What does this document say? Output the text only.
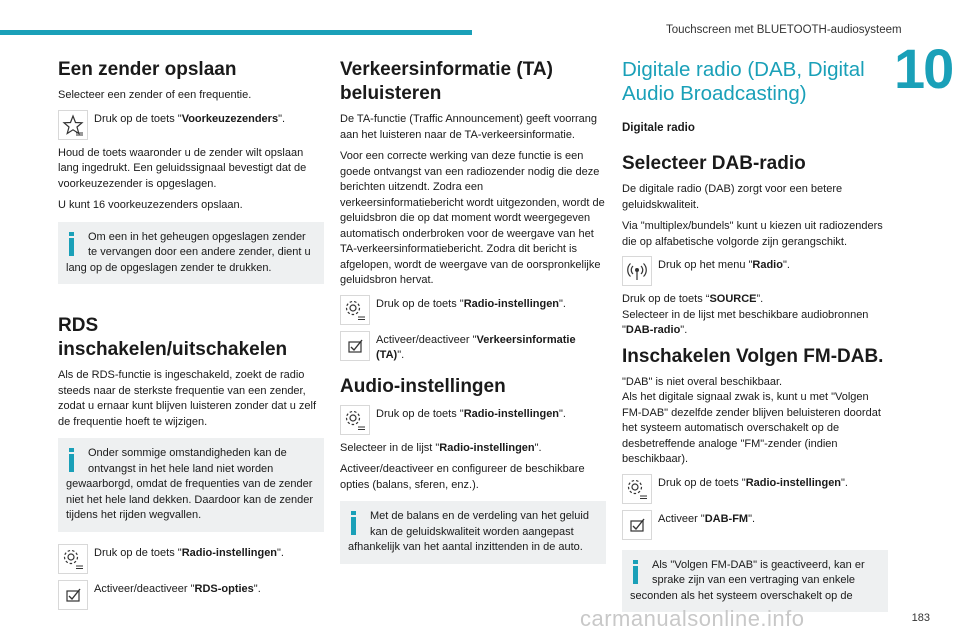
Touchscreen met BLUETOOTH-audiosysteem
10
Een zender opslaan

Selecteer een zender of een frequentie.

Druk op de toets "Voorkeuzezenders".

Houd de toets waaronder u de zender wilt opslaan lang ingedrukt. Een geluidssignaal bevestigt dat de voorkeuzezender is opgeslagen.

U kunt 16 voorkeuzezenders opslaan.

Om een in het geheugen opgeslagen zender te vervangen door een andere zender, dient u lang op de opgeslagen zender te drukken.
RDS inschakelen/uitschakelen

Als de RDS-functie is ingeschakeld, zoekt de radio steeds naar de sterkste frequentie van een zender, zodat u ernaar kunt blijven luisteren zonder dat u zelf de frequentie hoeft te wijzigen.

Onder sommige omstandigheden kan de ontvangst in het hele land niet worden gewaarborgd, omdat de frequenties van de zender niet het hele land dekken. Daardoor kan de zender tijdens het rijden wegvallen.
Druk op de toets "Radio-instellingen".
Activeer/deactiveer "RDS-opties".
Verkeersinformatie (TA) beluisteren

De TA-functie (Traffic Announcement) geeft voorrang aan het luisteren naar de TA-verkeersinformatie.

Voor een correcte werking van deze functie is een goede ontvangst van een radiozender nodig die deze berichten uitzendt. Zodra een verkeersinformatiebericht wordt uitgezonden, wordt de geluidsbron die op dat moment wordt weergegeven automatisch onderbroken voor de weergave van het TA-verkeersinformatiebericht. Zodra dit bericht is afgelopen, wordt de weergave van de oorspronkelijke geluidsbron hervat.

Druk op de toets "Radio-instellingen".
Activeer/deactiveer "Verkeersinformatie (TA)".
Audio-instellingen
Druk op de toets "Radio-instellingen".

Selecteer in de lijst "Radio-instellingen".

Activeer/deactiveer en configureer de beschikbare opties (balans, sferen, enz.).

Met de balans en de verdeling van het geluid kan de geluidskwaliteit worden aangepast afhankelijk van het aantal inzittenden in de auto.
Digitale radio (DAB, Digital Audio Broadcasting)
Digitale radio
Selecteer DAB-radio

De digitale radio (DAB) zorgt voor een betere geluidskwaliteit.

Via "multiplex/bundels" kunt u kiezen uit radiozenders die op alfabetische volgorde zijn gerangschikt.

Druk op het menu "Radio".

Druk op de toets “SOURCE”.

Selecteer in de lijst met beschikbare audiobronnen "DAB-radio".

Inschakelen Volgen FM-DAB.

"DAB" is niet overal beschikbaar.

Als het digitale signaal zwak is, kunt u met "Volgen FM-DAB" dezelfde zender blijven beluisteren doordat het systeem automatisch overschakelt op de desbetreffende analoge "FM"-zender (indien beschikbaar).

Druk op de toets "Radio-instellingen".
Activeer "DAB-FM".
Als "Volgen FM-DAB" is geactiveerd, kan er sprake zijn van een vertraging van enkele seconden als het systeem overschakelt op de
carmanualsonline.info	183
